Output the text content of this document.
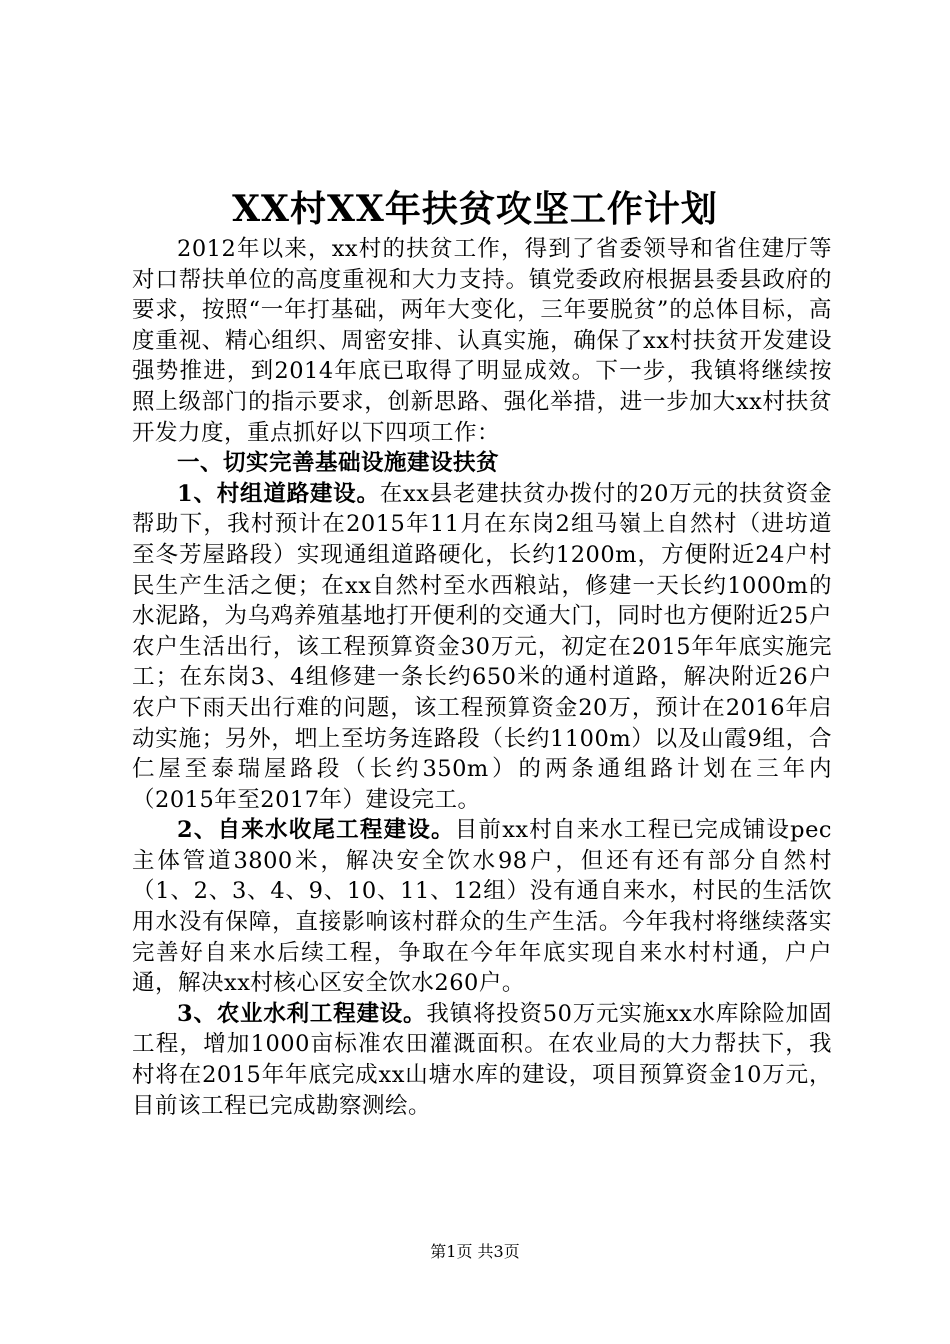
XX村XX年扶贫攻坚工作计划

2012年以来，xx村的扶贫工作，得到了省委领导和省住建厅等对口帮扶单位的高度重视和大力支持。镇党委政府根据县委县政府的要求，按照“一年打基础，两年大变化，三年要脱贫”的总体目标，高度重视、精心组织、周密安排、认真实施，确保了xx村扶贫开发建设强势推进，到2014年底已取得了明显成效。下一步，我镇将继续按照上级部门的指示要求，创新思路、强化举措，进一步加大xx村扶贫开发力度，重点抓好以下四项工作：

一、切实完善基础设施建设扶贫

1、村组道路建设。在xx县老建扶贫办拨付的20万元的扶贫资金帮助下，我村预计在2015年11月在东岗2组马嶺上自然村（进坊道至冬芳屋路段）实现通组道路硬化，长约1200m，方便附近24户村民生产生活之便；在xx自然村至水西粮站，修建一天长约1000m的水泥路，为乌鸡养殖基地打开便利的交通大门，同时也方便附近25户农户生活出行，该工程预算资金30万元，初定在2015年年底实施完工；在东岗3、4组修建一条长约650米的通村道路，解决附近26户农户下雨天出行难的问题，该工程预算资金20万，预计在2016年启动实施；另外，垇上至坊务连路段（长约1100m）以及山霞9组，合仁屋至泰瑞屋路段（长约350m）的两条通组路计划在三年内（2015年至2017年）建设完工。

2、自来水收尾工程建设。目前xx村自来水工程已完成铺设pec主体管道3800米，解决安全饮水98户，但还有还有部分自然村（1、2、3、4、9、10、11、12组）没有通自来水，村民的生活饮用水没有保障，直接影响该村群众的生产生活。今年我村将继续落实完善好自来水后续工程，争取在今年年底实现自来水村村通，户户通，解决xx村核心区安全饮水260户。

3、农业水利工程建设。我镇将投资50万元实施xx水库除险加固工程，增加1000亩标准农田灌溉面积。在农业局的大力帮扶下，我村将在2015年年底完成xx山塘水库的建设，项目预算资金10万元，目前该工程已完成勘察测绘。

第1页 共3页
